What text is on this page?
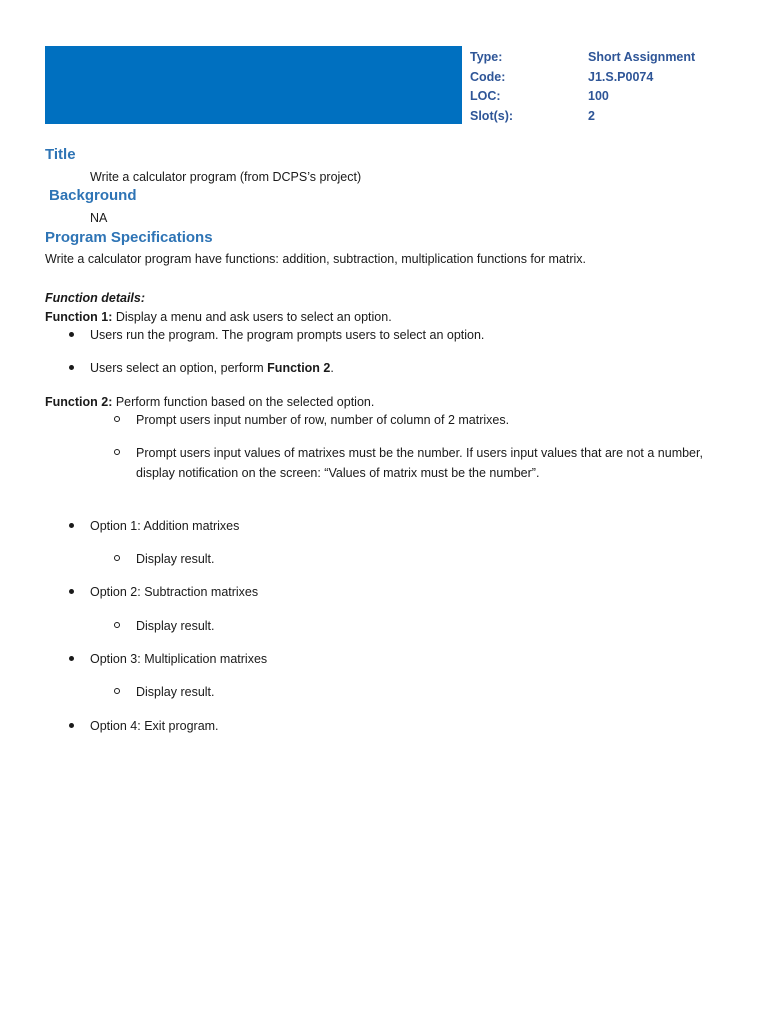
Type:	Short Assignment
Code:	J1.S.P0074
LOC:	100
Slot(s):	2
Title
Write a calculator program (from DCPS’s project)
Background
NA
Program Specifications
Write a calculator program have functions: addition, subtraction, multiplication functions for matrix.
Function details:
Function 1: Display a menu and ask users to select an option.
Users run the program. The program prompts users to select an option.
Users select an option, perform Function 2.
Function 2: Perform function based on the selected option.
Prompt users input number of row, number of column of 2 matrixes.
Prompt users input values of matrixes must be the number. If users input values that are not a number,
display notification on the screen: “Values of matrix must be the number”.
Option 1: Addition matrixes
Display result.
Option 2: Subtraction matrixes
Display result.
Option 3: Multiplication matrixes
Display result.
Option 4: Exit program.
